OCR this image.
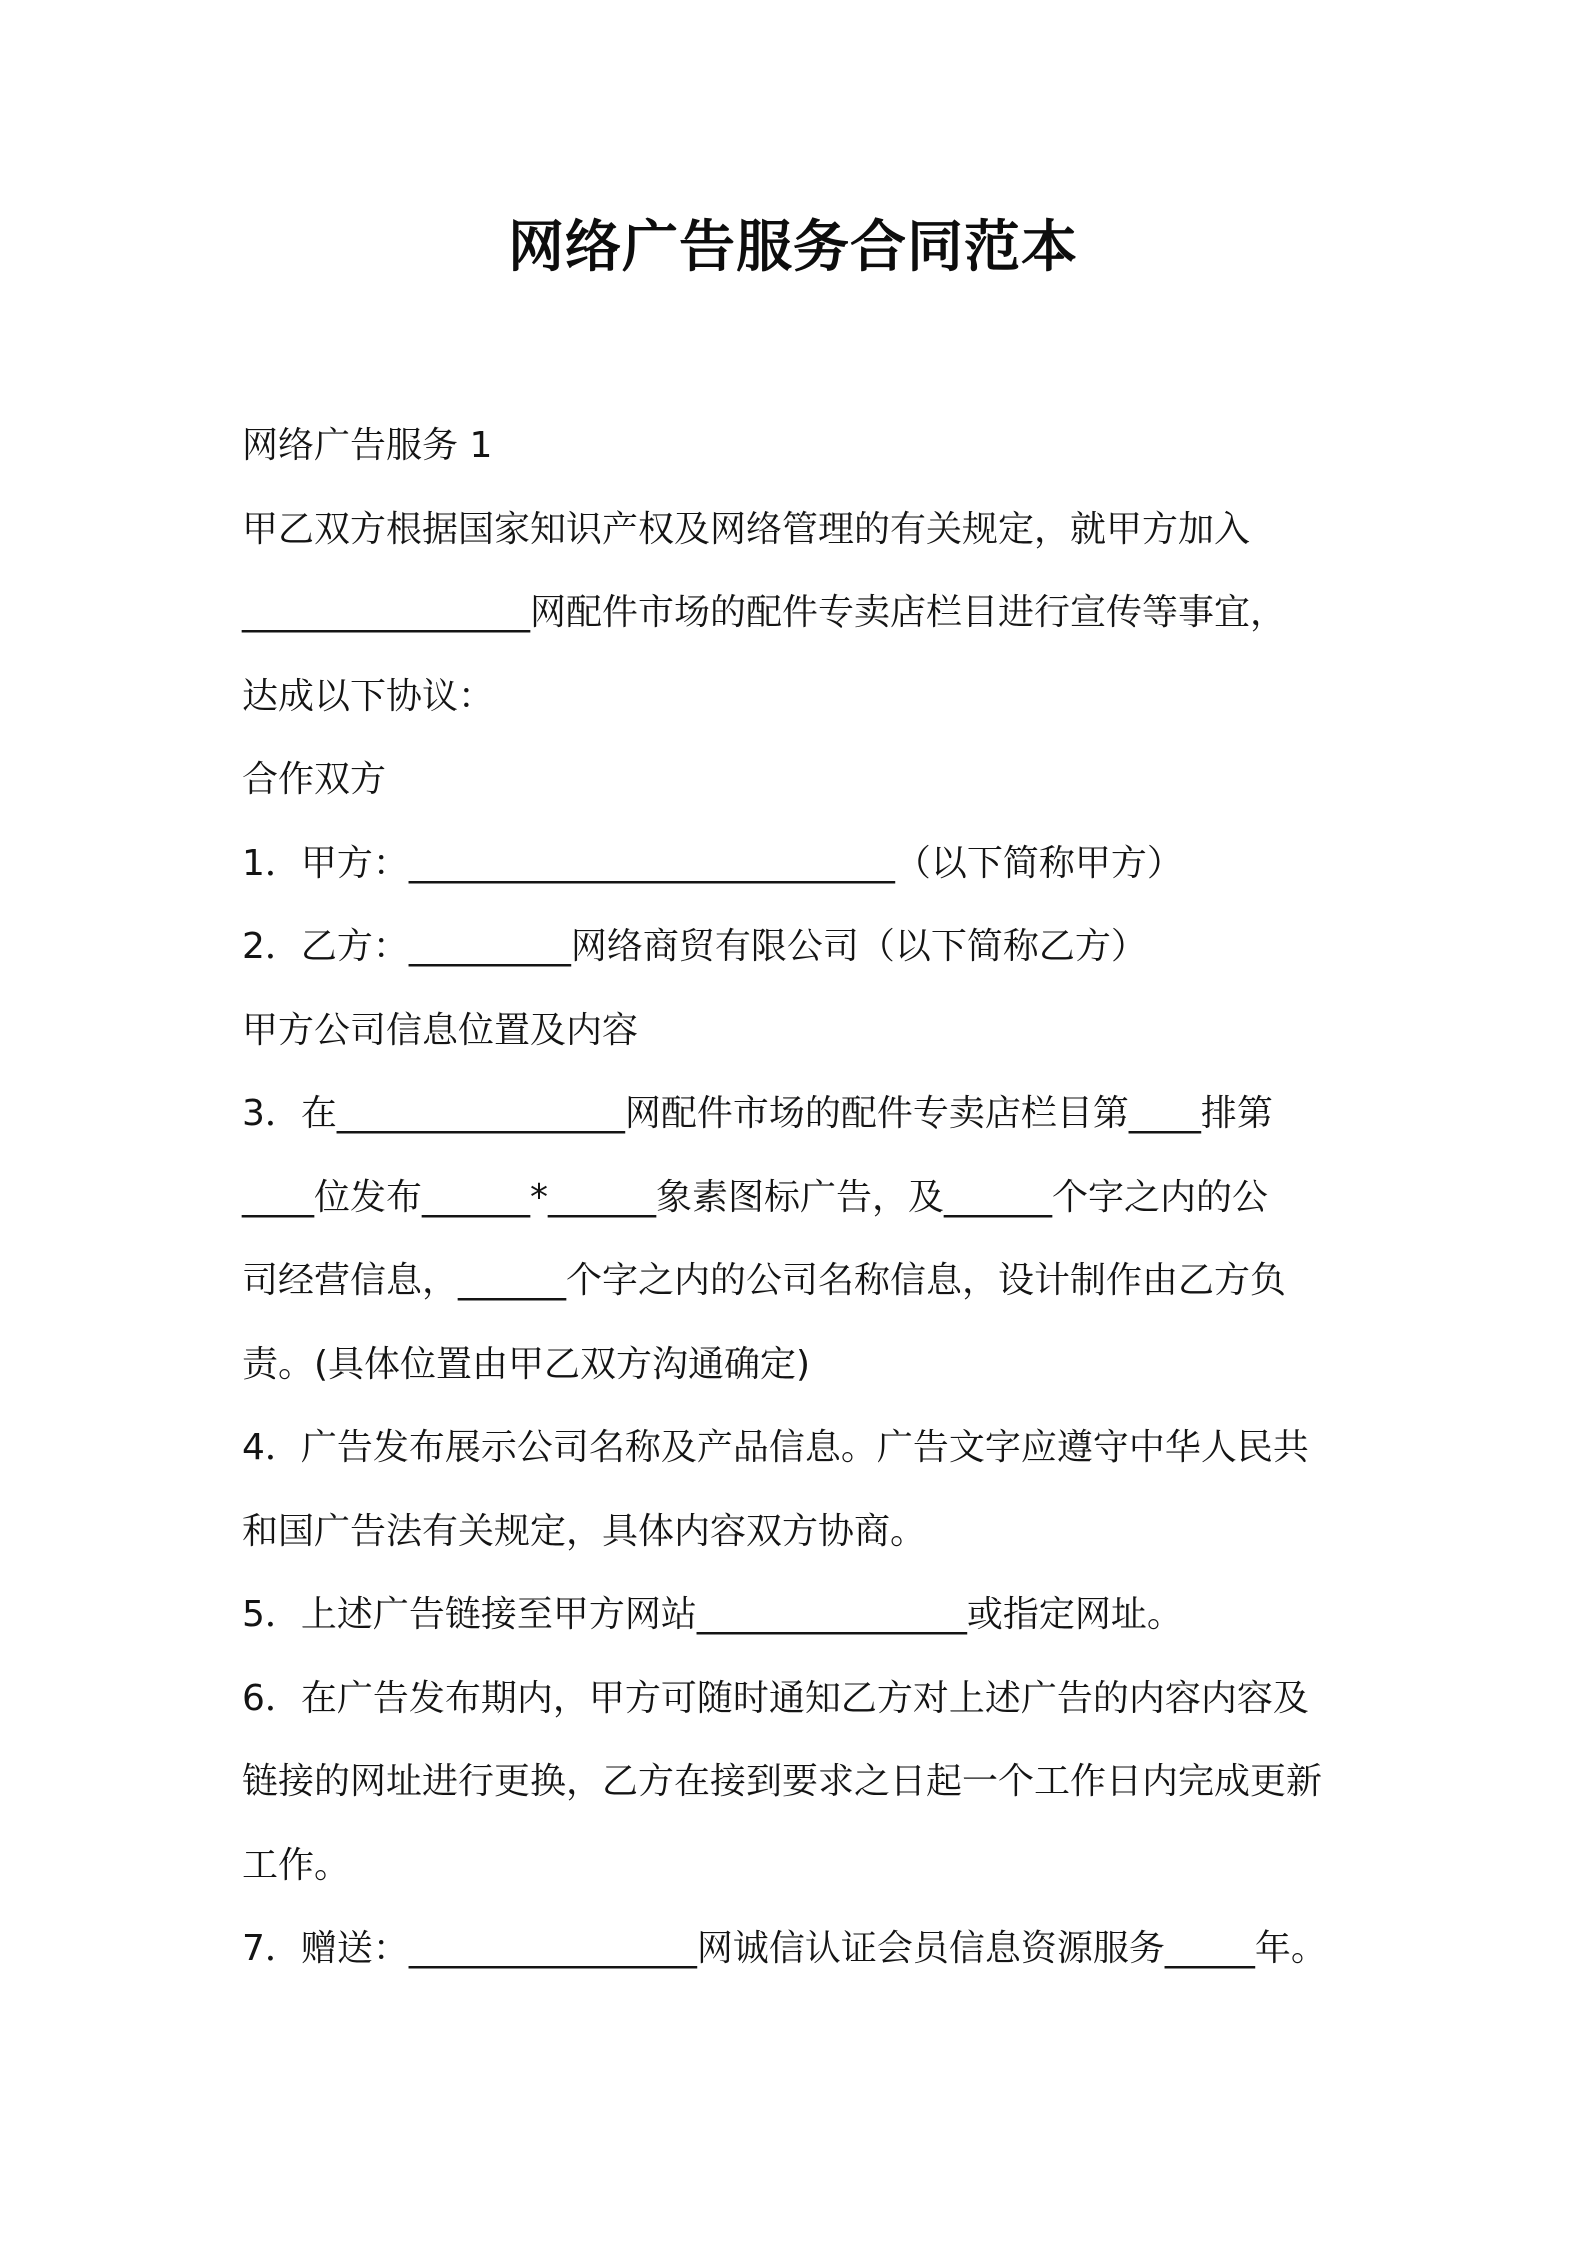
网络广告服务合同范本
网络广告服务 1
甲乙双方根据国家知识产权及网络管理的有关规定，就甲方加入
________________网配件市场的配件专卖店栏目进行宣传等事宜，
达成以下协议：
合作双方
1．甲方：___________________________（以下简称甲方）
2．乙方：_________网络商贸有限公司（以下简称乙方）
甲方公司信息位置及内容
3．在________________网配件市场的配件专卖店栏目第____排第
____位发布______*______象素图标广告，及______个字之内的公
司经营信息，______个字之内的公司名称信息，设计制作由乙方负
责。(具体位置由甲乙双方沟通确定)
4．广告发布展示公司名称及产品信息。广告文字应遵守中华人民共
和国广告法有关规定，具体内容双方协商。
5．上述广告链接至甲方网站_______________或指定网址。
6．在广告发布期内，甲方可随时通知乙方对上述广告的内容内容及
链接的网址进行更换，乙方在接到要求之日起一个工作日内完成更新
工作。
7．赠送：________________网诚信认证会员信息资源服务_____年。
